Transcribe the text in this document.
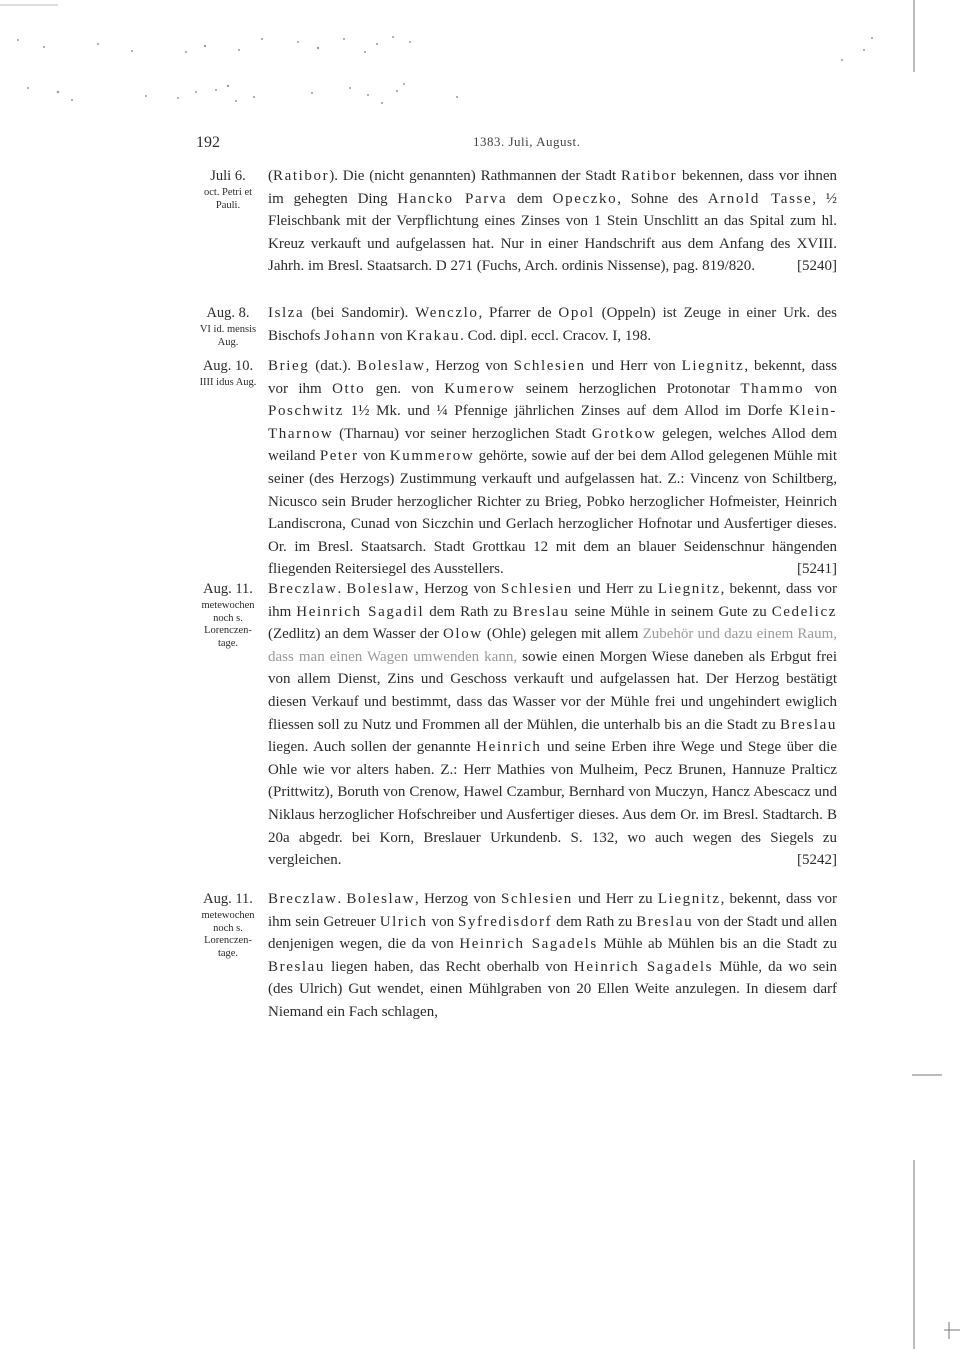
192	1383. Juli, August.
Juli 6.
oct. Petri et
Pauli.

(Ratibor). Die (nicht genannten) Rathmannen der Stadt Ratibor bekennen, dass vor ihnen im gehegten Ding Hancko Parva dem Opeczko, Sohne des Arnold Tasse, ½ Fleischbank mit der Verpflichtung eines Zinses von 1 Stein Unschlitt an das Spital zum hl. Kreuz verkauft und aufgelassen hat. Nur in einer Handschrift aus dem Anfang des XVIII. Jahrh. im Bresl. Staatsarch. D 271 (Fuchs, Arch. ordinis Nissense), pag. 819/820.	[5240]

Aug. 8.
VI id. mensis
Aug.

Islza (bei Sandomir). Wenczlo, Pfarrer de Opol (Oppeln) ist Zeuge in einer Urk. des Bischofs Johann von Krakau. Cod. dipl. eccl. Cracov. I, 198.

Aug. 10.
IIII idus Aug.

Brieg (dat.). Boleslaw, Herzog von Schlesien und Herr von Liegnitz, bekennt, dass vor ihm Otto gen. von Kumerow seinem herzoglichen Protonotar Thammo von Poschwitz 1½ Mk. und ¼ Pfennige jährlichen Zinses auf dem Allod im Dorfe Klein-Tharnow (Tharnau) vor seiner herzoglichen Stadt Grotkow gelegen, welches Allod dem weiland Peter von Kummerow gehörte, sowie auf der bei dem Allod gelegenen Mühle mit seiner (des Herzogs) Zustimmung verkauft und aufgelassen hat. Z.: Vincenz von Schiltberg, Nicusco sein Bruder herzoglicher Richter zu Brieg, Pobko herzoglicher Hofmeister, Heinrich Landiscrona, Cunad von Siczchin und Gerlach herzoglicher Hofnotar und Ausfertiger dieses. Or. im Bresl. Staatsarch. Stadt Grottkau 12 mit dem an blauer Seidenschnur hängenden fliegenden Reitersiegel des Ausstellers.	[5241]

Aug. 11.
metewochen
noch s.
Lorenczen-
tage.

Breczlaw. Boleslaw, Herzog von Schlesien und Herr zu Liegnitz, bekennt, dass vor ihm Heinrich Sagadil dem Rath zu Breslau seine Mühle in seinem Gute zu Cedelicz (Zedlitz) an dem Wasser der Olow (Ohle) gelegen mit allem Zubehör und dazu einem Raum, dass man einen Wagen umwenden kann, sowie einen Morgen Wiese daneben als Erbgut frei von allem Dienst, Zins und Geschoss verkauft und aufgelassen hat. Der Herzog bestätigt diesen Verkauf und bestimmt, dass das Wasser vor der Mühle frei und ungehindert ewiglich fliessen soll zu Nutz und Frommen all der Mühlen, die unterhalb bis an die Stadt zu Breslau liegen. Auch sollen der genannte Heinrich und seine Erben ihre Wege und Stege über die Ohle wie vor alters haben. Z.: Herr Mathies von Mulheim, Pecz Brunen, Hannuze Pralticz (Prittwitz), Boruth von Crenow, Hawel Czambur, Bernhard von Muczyn, Hancz Abescacz und Niklaus herzoglicher Hofschreiber und Ausfertiger dieses. Aus dem Or. im Bresl. Stadtarch. B 20a abgedr. bei Korn, Breslauer Urkundenb. S. 132, wo auch wegen des Siegels zu vergleichen.	[5242]

Aug. 11.
metewochen
noch s.
Lorenczen-
tage.

Breczlaw. Boleslaw, Herzog von Schlesien und Herr zu Liegnitz, bekennt, dass vor ihm sein Getreuer Ulrich von Syfredisdorf dem Rath zu Breslau von der Stadt und allen denjenigen wegen, die da von Heinrich Sagadels Mühle ab Mühlen bis an die Stadt zu Breslau liegen haben, das Recht oberhalb von Heinrich Sagadels Mühle, da wo sein (des Ulrich) Gut wendet, einen Mühlgraben von 20 Ellen Weite anzulegen. In diesem darf Niemand ein Fach schlagen,
